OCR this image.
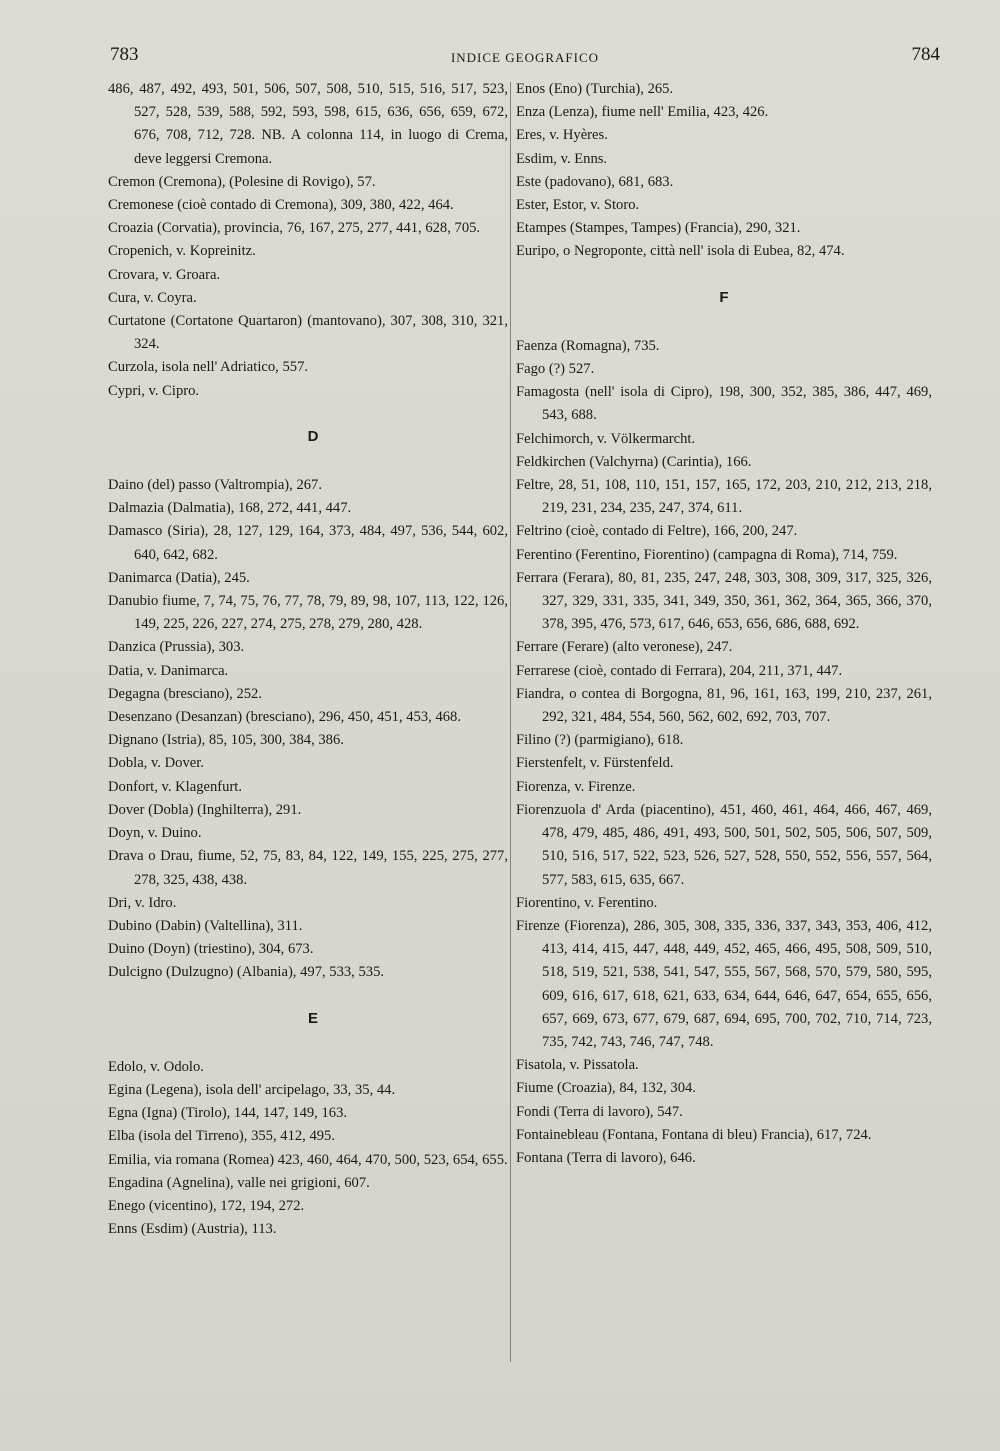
783	INDICE GEOGRAFICO	784
486, 487, 492, 493, 501, 506, 507, 508, 510, 515, 516, 517, 523, 527, 528, 539, 588, 592, 593, 598, 615, 636, 656, 659, 672, 676, 708, 712, 728. NB. A colonna 114, in luogo di Crema, deve leggersi Cremona.
Cremon (Cremona), (Polesine di Rovigo), 57.
Cremonese (cioè contado di Cremona), 309, 380, 422, 464.
Croazia (Corvatia), provincia, 76, 167, 275, 277, 441, 628, 705.
Cropenich, v. Kopreinitz.
Crovara, v. Groara.
Cura, v. Coyra.
Curtatone (Cortatone Quartaron) (mantovano), 307, 308, 310, 321, 324.
Curzola, isola nell' Adriatico, 557.
Cypri, v. Cipro.
D
Daino (del) passo (Valtrompia), 267.
Dalmazia (Dalmatia), 168, 272, 441, 447.
Damasco (Siria), 28, 127, 129, 164, 373, 484, 497, 536, 544, 602, 640, 642, 682.
Danimarca (Datia), 245.
Danubio fiume, 7, 74, 75, 76, 77, 78, 79, 89, 98, 107, 113, 122, 126, 149, 225, 226, 227, 274, 275, 278, 279, 280, 428.
Danzica (Prussia), 303.
Datia, v. Danimarca.
Degagna (bresciano), 252.
Desenzano (Desanzan) (bresciano), 296, 450, 451, 453, 468.
Dignano (Istria), 85, 105, 300, 384, 386.
Dobla, v. Dover.
Donfort, v. Klagenfurt.
Dover (Dobla) (Inghilterra), 291.
Doyn, v. Duino.
Drava o Drau, fiume, 52, 75, 83, 84, 122, 149, 155, 225, 275, 277, 278, 325, 438, 438.
Dri, v. Idro.
Dubino (Dabin) (Valtellina), 311.
Duino (Doyn) (triestino), 304, 673.
Dulcigno (Dulzugno) (Albania), 497, 533, 535.
E
Edolo, v. Odolo.
Egina (Legena), isola dell' arcipelago, 33, 35, 44.
Egna (Igna) (Tirolo), 144, 147, 149, 163.
Elba (isola del Tirreno), 355, 412, 495.
Emilia, via romana (Romea) 423, 460, 464, 470, 500, 523, 654, 655.
Engadina (Agnelina), valle nei grigioni, 607.
Enego (vicentino), 172, 194, 272.
Enns (Esdim) (Austria), 113.
Enos (Eno) (Turchia), 265.
Enza (Lenza), fiume nell' Emilia, 423, 426.
Eres, v. Hyères.
Esdim, v. Enns.
Este (padovano), 681, 683.
Ester, Estor, v. Storo.
Etampes (Stampes, Tampes) (Francia), 290, 321.
Euripo, o Negroponte, città nell' isola di Eubea, 82, 474.
F
Faenza (Romagna), 735.
Fago (?) 527.
Famagosta (nell' isola di Cipro), 198, 300, 352, 385, 386, 447, 469, 543, 688.
Felchimorch, v. Völkermarcht.
Feldkirchen (Valchyrna) (Carintia), 166.
Feltre, 28, 51, 108, 110, 151, 157, 165, 172, 203, 210, 212, 213, 218, 219, 231, 234, 235, 247, 374, 611.
Feltrino (cioè, contado di Feltre), 166, 200, 247.
Ferentino (Ferentino, Fiorentino) (campagna di Roma), 714, 759.
Ferrara (Ferara), 80, 81, 235, 247, 248, 303, 308, 309, 317, 325, 326, 327, 329, 331, 335, 341, 349, 350, 361, 362, 364, 365, 366, 370, 378, 395, 476, 573, 617, 646, 653, 656, 686, 688, 692.
Ferrare (Ferare) (alto veronese), 247.
Ferrarese (cioè, contado di Ferrara), 204, 211, 371, 447.
Fiandra, o contea di Borgogna, 81, 96, 161, 163, 199, 210, 237, 261, 292, 321, 484, 554, 560, 562, 602, 692, 703, 707.
Filino (?) (parmigiano), 618.
Fierstenfelt, v. Fürstenfeld.
Fiorenza, v. Firenze.
Fiorenzuola d' Arda (piacentino), 451, 460, 461, 464, 466, 467, 469, 478, 479, 485, 486, 491, 493, 500, 501, 502, 505, 506, 507, 509, 510, 516, 517, 522, 523, 526, 527, 528, 550, 552, 556, 557, 564, 577, 583, 615, 635, 667.
Fiorentino, v. Ferentino.
Firenze (Fiorenza), 286, 305, 308, 335, 336, 337, 343, 353, 406, 412, 413, 414, 415, 447, 448, 449, 452, 465, 466, 495, 508, 509, 510, 518, 519, 521, 538, 541, 547, 555, 567, 568, 570, 579, 580, 595, 609, 616, 617, 618, 621, 633, 634, 644, 646, 647, 654, 655, 656, 657, 669, 673, 677, 679, 687, 694, 695, 700, 702, 710, 714, 723, 735, 742, 743, 746, 747, 748.
Fisatola, v. Pissatola.
Fiume (Croazia), 84, 132, 304.
Fondi (Terra di lavoro), 547.
Fontainebleau (Fontana, Fontana di bleu) Francia), 617, 724.
Fontana (Terra di lavoro), 646.
